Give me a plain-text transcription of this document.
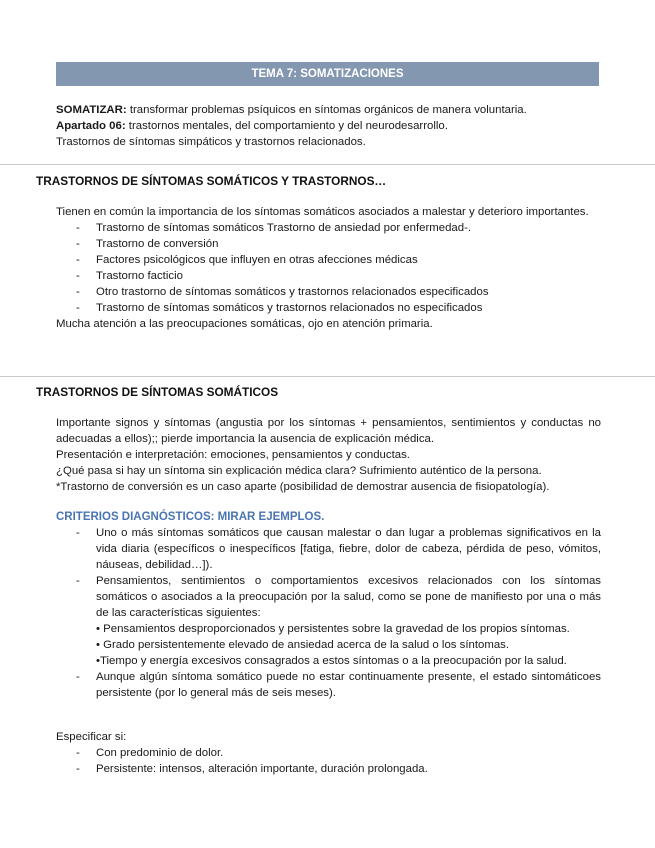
TEMA 7: SOMATIZACIONES

SOMATIZAR: transformar problemas psíquicos en síntomas orgánicos de manera voluntaria.

Apartado 06: trastornos mentales, del comportamiento y del neurodesarrollo.

Trastornos de síntomas simpáticos y trastornos relacionados.

TRASTORNOS DE SÍNTOMAS SOMÁTICOS Y TRASTORNOS…

Tienen en común la importancia de los síntomas somáticos asociados a malestar y deterioro importantes.

- Trastorno de síntomas somáticos Trastorno de ansiedad por enfermedad-.
- Trastorno de conversión
- Factores psicológicos que influyen en otras afecciones médicas
- Trastorno facticio
- Otro trastorno de síntomas somáticos y trastornos relacionados especificados
- Trastorno de síntomas somáticos y trastornos relacionados no especificados

Mucha atención a las preocupaciones somáticas, ojo en atención primaria.

TRASTORNOS DE SÍNTOMAS SOMÁTICOS

Importante signos y síntomas (angustia por los síntomas + pensamientos, sentimientos y conductas no adecuadas a ellos);; pierde importancia la ausencia de explicación médica.

Presentación e interpretación: emociones, pensamientos y conductas.

¿Qué pasa si hay un síntoma sin explicación médica clara? Sufrimiento auténtico de la persona.

*Trastorno de conversión es un caso aparte (posibilidad de demostrar ausencia de fisiopatología).

CRITERIOS DIAGNÓSTICOS: MIRAR EJEMPLOS.

- Uno o más síntomas somáticos que causan malestar o dan lugar a problemas significativos en la vida diaria (específicos o inespecíficos [fatiga, fiebre, dolor de cabeza, pérdida de peso, vómitos, náuseas, debilidad…]).
- Pensamientos, sentimientos o comportamientos excesivos relacionados con los síntomas somáticos o asociados a la preocupación por la salud, como se pone de manifiesto por una o más de las características siguientes:
• Pensamientos desproporcionados y persistentes sobre la gravedad de los propios síntomas.
• Grado persistentemente elevado de ansiedad acerca de la salud o los síntomas.
•Tiempo y energía excesivos consagrados a estos síntomas o a la preocupación por la salud.
- Aunque algún síntoma somático puede no estar continuamente presente, el estado sintomáticoes persistente (por lo general más de seis meses).

Especificar si:

- Con predominio de dolor.
- Persistente: intensos, alteración importante, duración prolongada.
